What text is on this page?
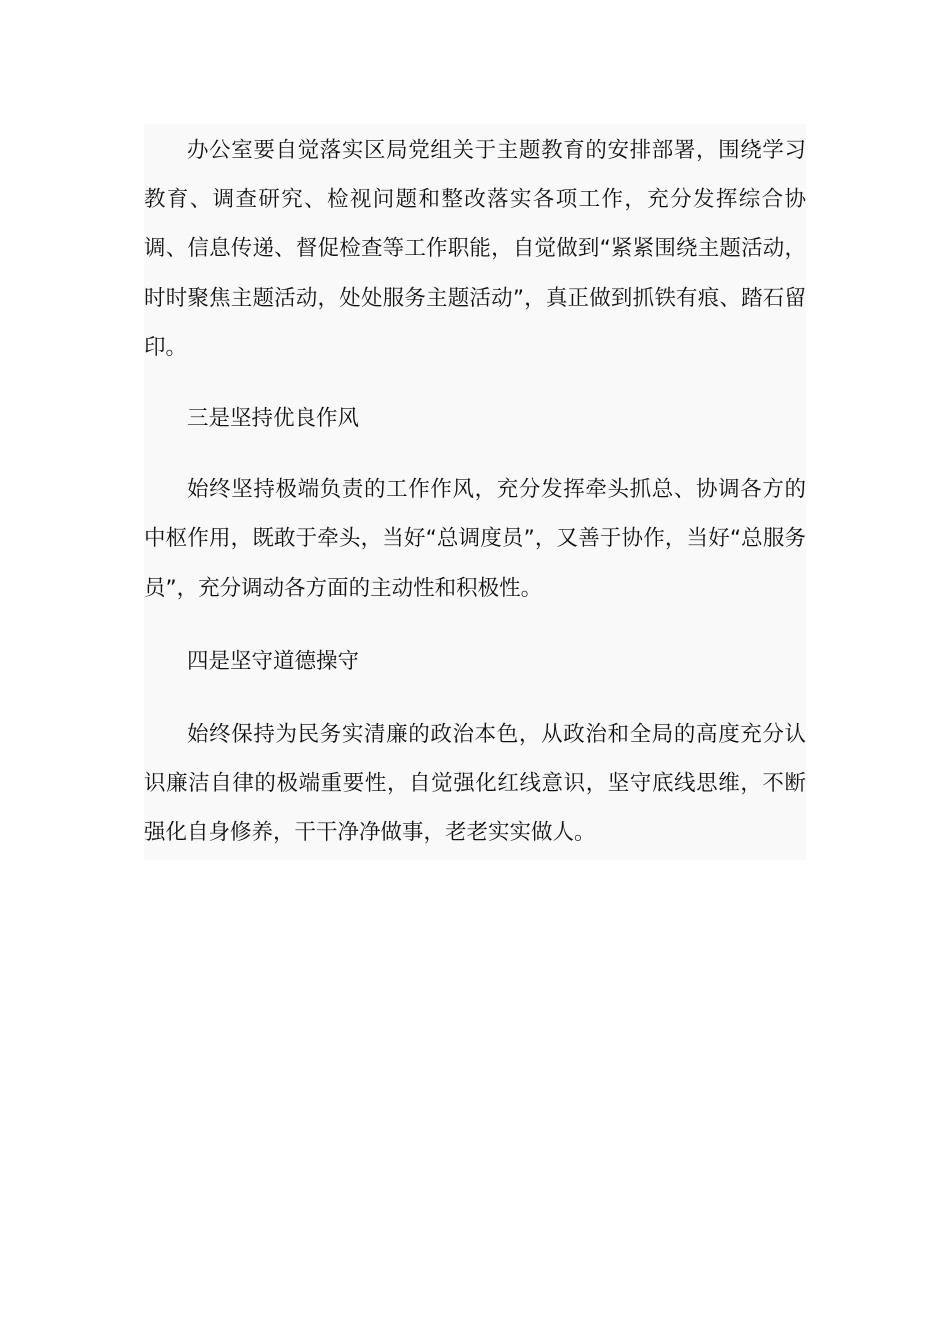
办公室要自觉落实区局党组关于主题教育的安排部署，围绕学习教育、调查研究、检视问题和整改落实各项工作，充分发挥综合协调、信息传递、督促检查等工作职能，自觉做到“紧紧围绕主题活动，时时聚焦主题活动，处处服务主题活动”，真正做到抓铁有痕、踏石留印。

三是坚持优良作风

始终坚持极端负责的工作作风，充分发挥牵头抓总、协调各方的中枢作用，既敢于牵头，当好“总调度员”，又善于协作，当好“总服务员”，充分调动各方面的主动性和积极性。

四是坚守道德操守

始终保持为民务实清廉的政治本色，从政治和全局的高度充分认识廉洁自律的极端重要性，自觉强化红线意识，坚守底线思维，不断强化自身修养，干干净净做事，老老实实做人。
